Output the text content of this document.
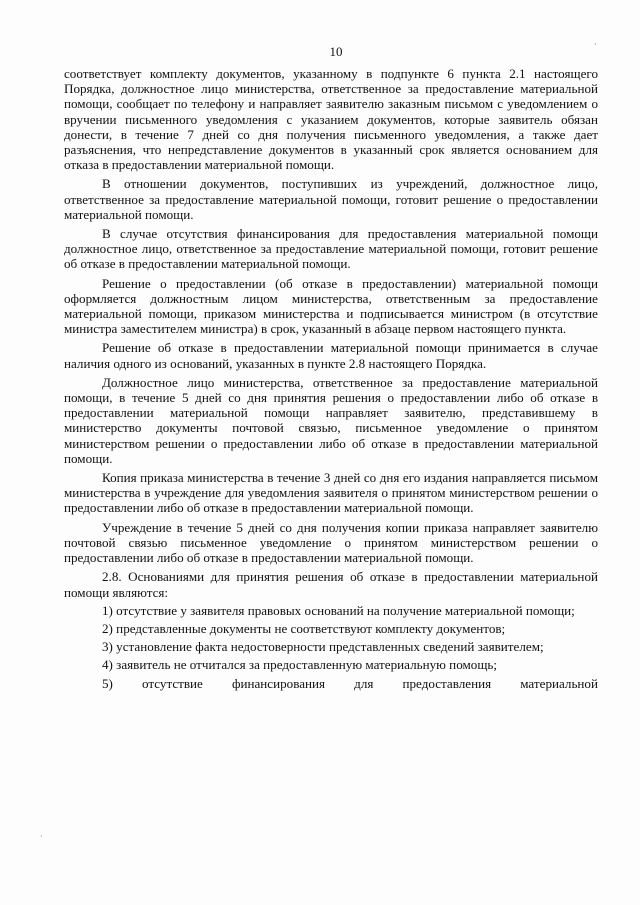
10	·
·

соответствует комплекту документов, указанному в подпункте 6 пункта 2.1 настоящего Порядка, должностное лицо министерства, ответственное за предоставление материальной помощи, сообщает по телефону и направляет заявителю заказным письмом с уведомлением о вручении письменного уведомления с указанием документов, которые заявитель обязан донести, в течение 7 дней со дня получения письменного уведомления, а также дает разъяснения, что непредставление документов в указанный срок является основанием для отказа в предоставлении материальной помощи.

В отношении документов, поступивших из учреждений, должностное лицо, ответственное за предоставление материальной помощи, готовит решение о предоставлении материальной помощи.

В случае отсутствия финансирования для предоставления материальной помощи должностное лицо, ответственное за предоставление материальной помощи, готовит решение об отказе в предоставлении материальной помощи.

Решение о предоставлении (об отказе в предоставлении) материальной помощи оформляется должностным лицом министерства, ответственным за предоставление материальной помощи, приказом министерства и подписывается министром (в отсутствие министра заместителем министра) в срок, указанный в абзаце первом настоящего пункта.

Решение об отказе в предоставлении материальной помощи принимается в случае наличия одного из оснований, указанных в пункте 2.8 настоящего Порядка.

Должностное лицо министерства, ответственное за предоставление материальной помощи, в течение 5 дней со дня принятия решения о предоставлении либо об отказе в предоставлении материальной помощи направляет заявителю, представившему в министерство документы почтовой связью, письменное уведомление о принятом министерством решении о предоставлении либо об отказе в предоставлении материальной помощи.

Копия приказа министерства в течение 3 дней со дня его издания направляется письмом министерства в учреждение для уведомления заявителя о принятом министерством решении о предоставлении либо об отказе в предоставлении материальной помощи.

Учреждение в течение 5 дней со дня получения копии приказа направляет заявителю почтовой связью письменное уведомление о принятом министерством решении о предоставлении либо об отказе в предоставлении материальной помощи.

2.8. Основаниями для принятия решения об отказе в предоставлении материальной помощи являются:

1) отсутствие у заявителя правовых оснований на получение материальной помощи;

2) представленные документы не соответствуют комплекту документов;

3) установление факта недостоверности представленных сведений заявителем;

4) заявитель не отчитался за предоставленную материальную помощь;

5) отсутствие финансирования для предоставления материальной
